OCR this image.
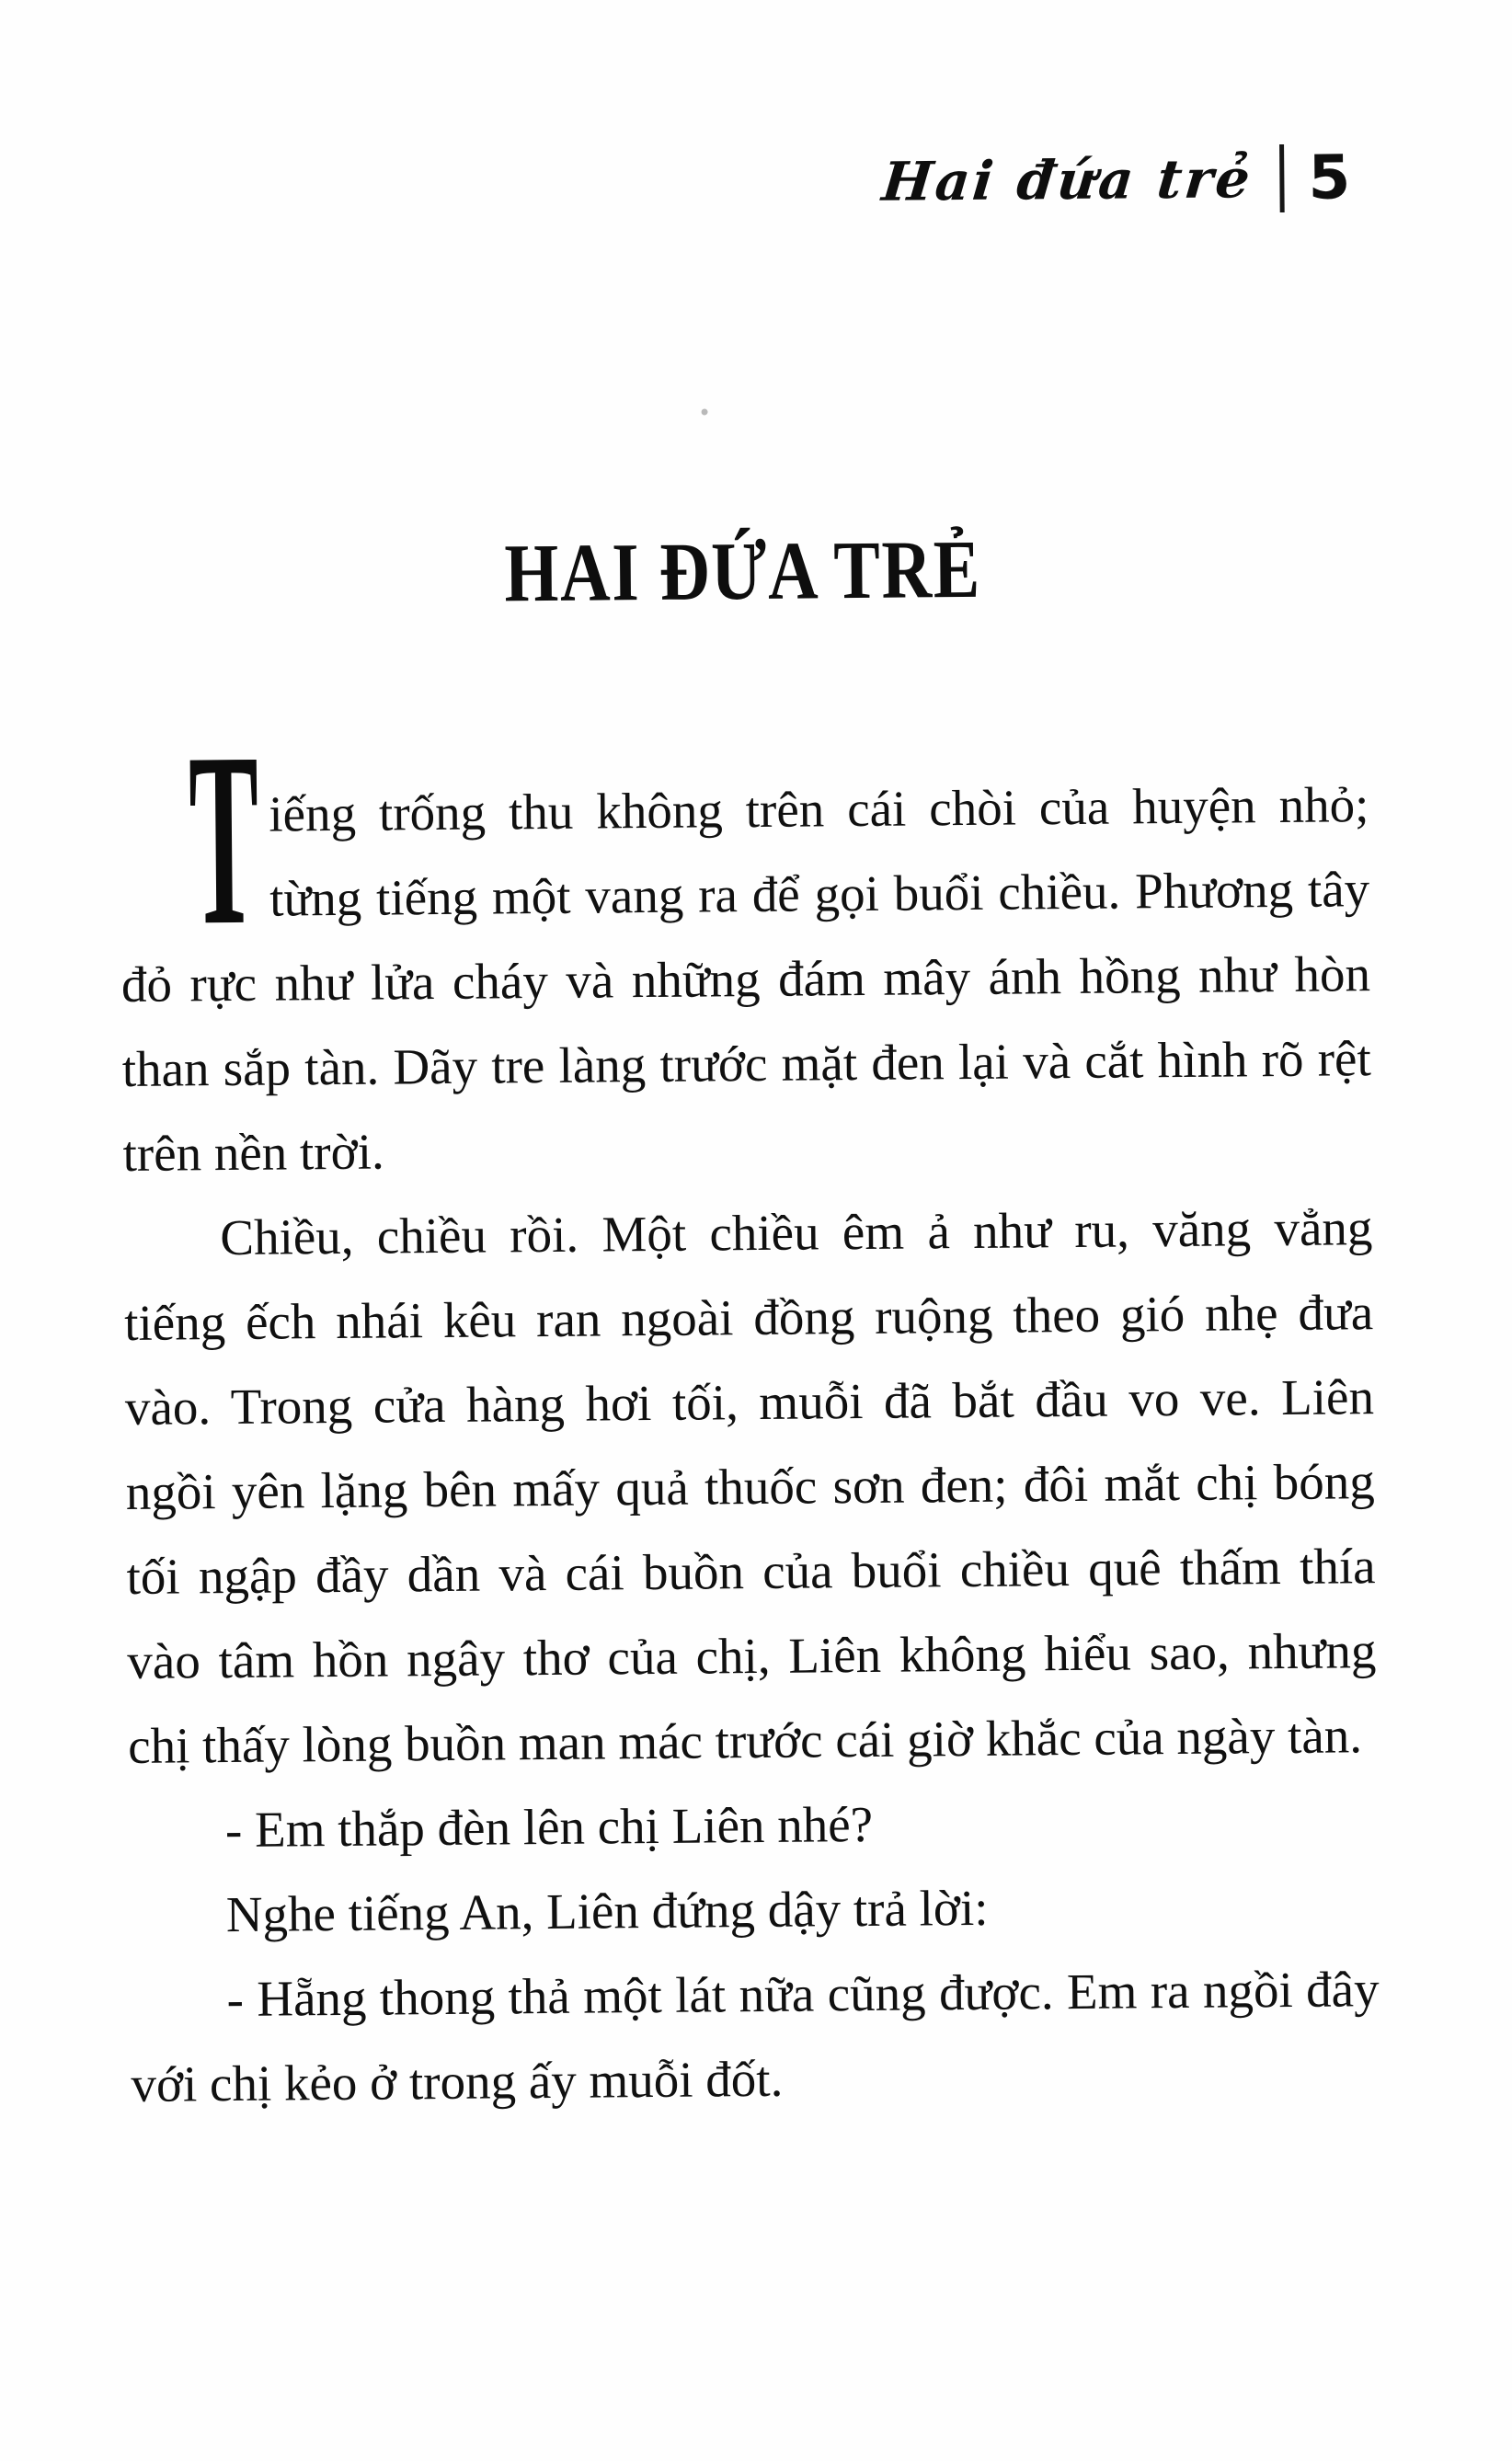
Hai đứa trẻ 5
HAI ĐỨA TRẺ

T iếng trống thu không trên cái chòi của huyện nhỏ; từng tiếng một vang ra để gọi buổi chiều. Phương tây đỏ rực như lửa cháy và những đám mây ánh hồng như hòn than sắp tàn. Dãy tre làng trước mặt đen lại và cắt hình rõ rệt trên nền trời.

Chiều, chiều rồi. Một chiều êm ả như ru, văng vẳng tiếng ếch nhái kêu ran ngoài đồng ruộng theo gió nhẹ đưa vào. Trong cửa hàng hơi tối, muỗi đã bắt đầu vo ve. Liên ngồi yên lặng bên mấy quả thuốc sơn đen; đôi mắt chị bóng tối ngập đầy dần và cái buồn của buổi chiều quê thấm thía vào tâm hồn ngây thơ của chị, Liên không hiểu sao, nhưng chị thấy lòng buồn man mác trước cái giờ khắc của ngày tàn.

- Em thắp đèn lên chị Liên nhé?

Nghe tiếng An, Liên đứng dậy trả lời:

- Hẵng thong thả một lát nữa cũng được. Em ra ngồi đây với chị kẻo ở trong ấy muỗi đốt.
